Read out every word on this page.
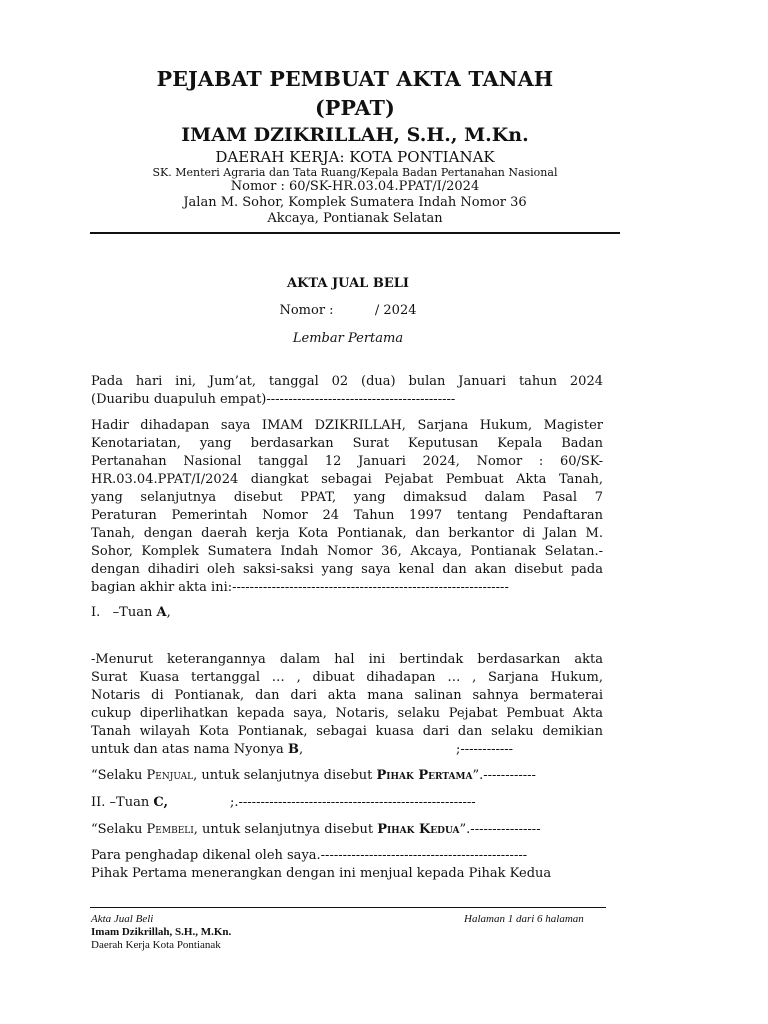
PEJABAT PEMBUAT AKTA TANAH
(PPAT)
IMAM DZIKRILLAH, S.H., M.Kn.
DAERAH KERJA: KOTA PONTIANAK
SK. Menteri Agraria dan Tata Ruang/Kepala Badan Pertanahan Nasional
Nomor : 60/SK-HR.03.04.PPAT/I/2024
Jalan M. Sohor, Komplek Sumatera Indah Nomor 36
Akcaya, Pontianak Selatan
AKTA JUAL BELI
Nomor :          / 2024
Lembar Pertama
Pada hari ini, Jum’at, tanggal 02 (dua) bulan Januari tahun 2024
(Duaribu duapuluh empat)-------------------------------------------
Hadir dihadapan saya IMAM DZIKRILLAH, Sarjana Hukum, Magister
Kenotariatan, yang berdasarkan Surat Keputusan Kepala Badan
Pertanahan Nasional tanggal 12 Januari 2024, Nomor : 60/SK-
HR.03.04.PPAT/I/2024 diangkat sebagai Pejabat Pembuat Akta Tanah,
yang selanjutnya disebut PPAT, yang dimaksud dalam Pasal 7
Peraturan Pemerintah Nomor 24 Tahun 1997 tentang Pendaftaran
Tanah, dengan daerah kerja Kota Pontianak, dan berkantor di Jalan M.
Sohor, Komplek Sumatera Indah Nomor 36, Akcaya, Pontianak Selatan.-
dengan dihadiri oleh saksi-saksi yang saya kenal dan akan disebut pada
bagian akhir akta ini:---------------------------------------------------------------
I.   –Tuan A,
-Menurut keterangannya dalam hal ini bertindak berdasarkan akta
Surat Kuasa tertanggal … , dibuat dihadapan … , Sarjana Hukum,
Notaris di Pontianak, dan dari akta mana salinan sahnya bermaterai
cukup diperlihatkan kepada saya, Notaris, selaku Pejabat Pembuat Akta
Tanah wilayah Kota Pontianak, sebagai kuasa dari dan selaku demikian
untuk dan atas nama Nyonya B,                                     ;------------
“Selaku Penjual, untuk selanjutnya disebut Pihak Pertama”.------------
II. –Tuan C,               ;.------------------------------------------------------
“Selaku Pembeli, untuk selanjutnya disebut Pihak Kedua”.----------------
Para penghadap dikenal oleh saya.-----------------------------------------------
Pihak Pertama menerangkan dengan ini menjual kepada Pihak Kedua
Akta Jual Beli
Imam Dzikrillah, S.H., M.Kn.
Daerah Kerja Kota Pontianak
Halaman 1 dari 6 halaman
